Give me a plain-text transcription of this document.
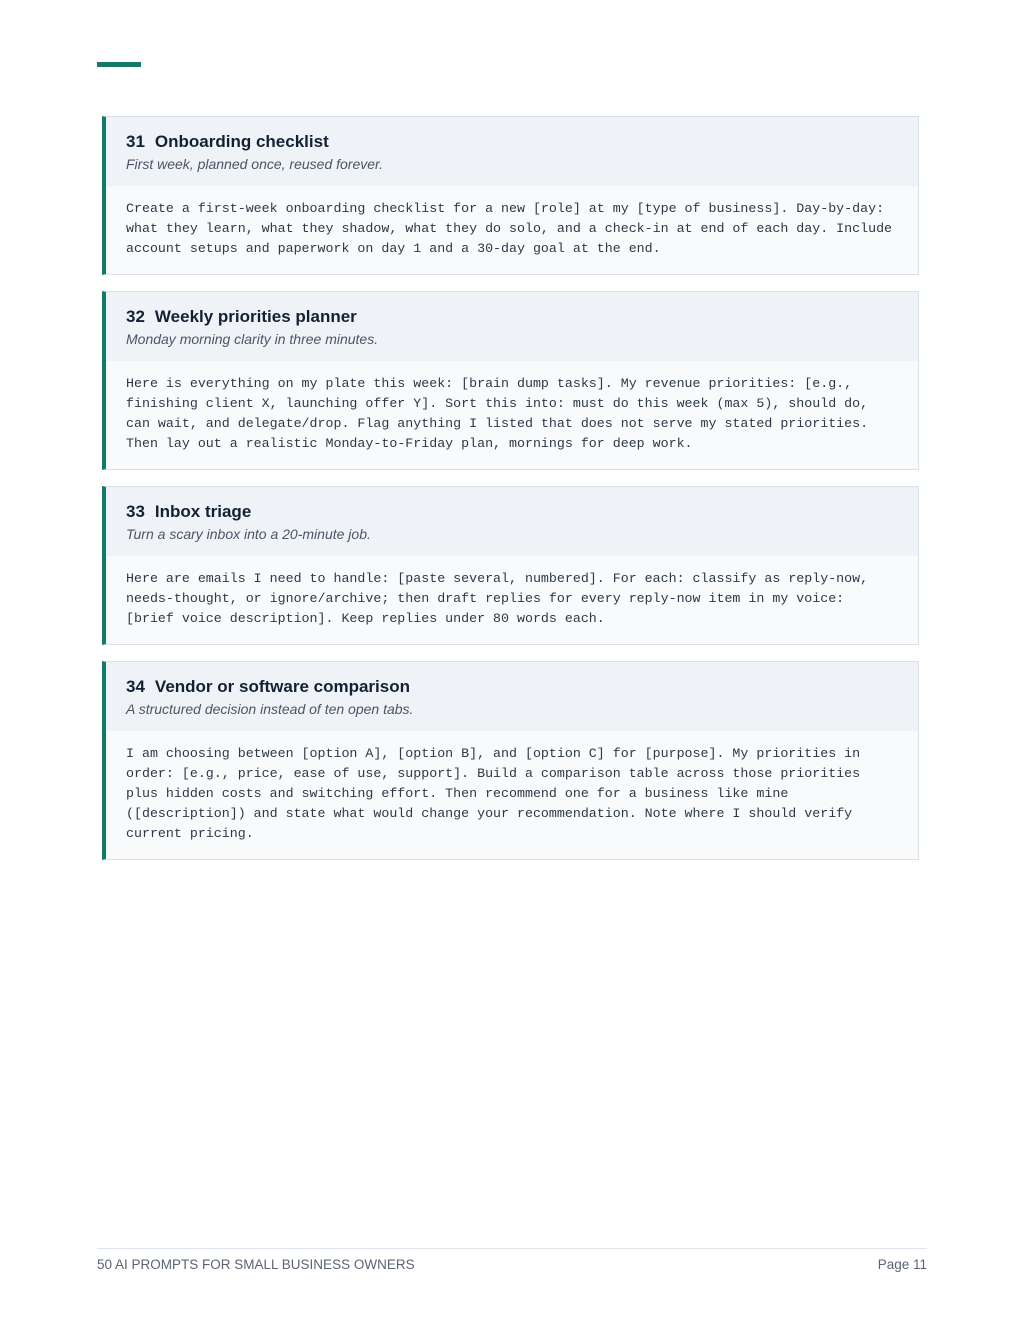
31 Onboarding checklist
First week, planned once, reused forever.
Create a first-week onboarding checklist for a new [role] at my [type of business]. Day-by-day: what they learn, what they shadow, what they do solo, and a check-in at end of each day. Include account setups and paperwork on day 1 and a 30-day goal at the end.
32 Weekly priorities planner
Monday morning clarity in three minutes.
Here is everything on my plate this week: [brain dump tasks]. My revenue priorities: [e.g., finishing client X, launching offer Y]. Sort this into: must do this week (max 5), should do, can wait, and delegate/drop. Flag anything I listed that does not serve my stated priorities. Then lay out a realistic Monday-to-Friday plan, mornings for deep work.
33 Inbox triage
Turn a scary inbox into a 20-minute job.
Here are emails I need to handle: [paste several, numbered]. For each: classify as reply-now, needs-thought, or ignore/archive; then draft replies for every reply-now item in my voice: [brief voice description]. Keep replies under 80 words each.
34 Vendor or software comparison
A structured decision instead of ten open tabs.
I am choosing between [option A], [option B], and [option C] for [purpose]. My priorities in order: [e.g., price, ease of use, support]. Build a comparison table across those priorities plus hidden costs and switching effort. Then recommend one for a business like mine ([description]) and state what would change your recommendation. Note where I should verify current pricing.
50 AI PROMPTS FOR SMALL BUSINESS OWNERS	Page 11
